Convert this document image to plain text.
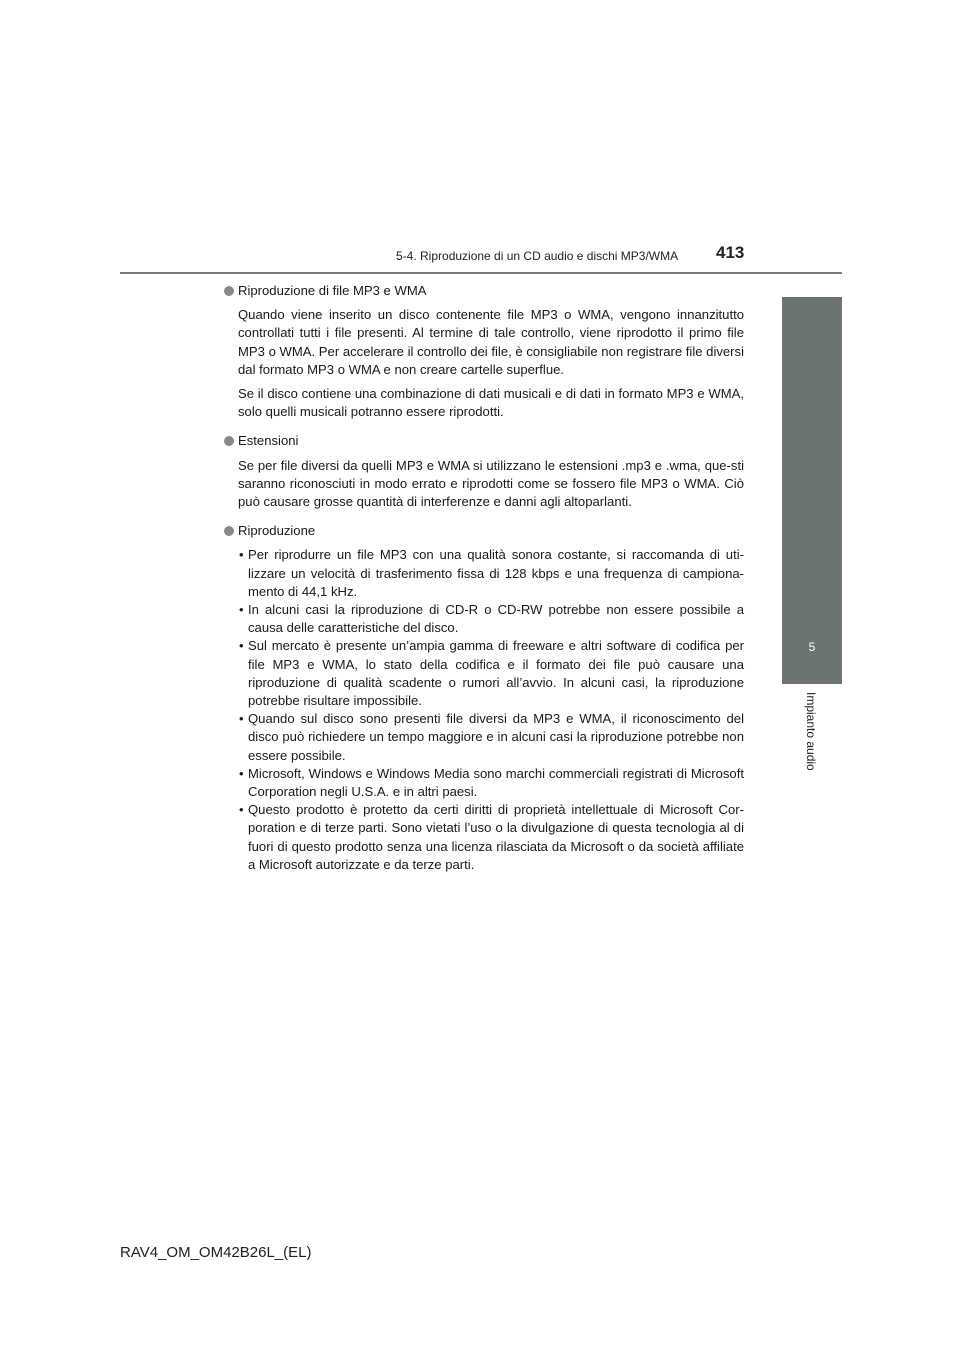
5-4. Riproduzione di un CD audio e dischi MP3/WMA 413
5
Impianto audio
Riproduzione di file MP3 e WMA
Quando viene inserito un disco contenente file MP3 o WMA, vengono innanzitutto controllati tutti i file presenti. Al termine di tale controllo, viene riprodotto il primo file MP3 o WMA. Per accelerare il controllo dei file, è consigliabile non registrare file diversi dal formato MP3 o WMA e non creare cartelle superflue.
Se il disco contiene una combinazione di dati musicali e di dati in formato MP3 e WMA, solo quelli musicali potranno essere riprodotti.
Estensioni
Se per file diversi da quelli MP3 e WMA si utilizzano le estensioni .mp3 e .wma, que-sti saranno riconosciuti in modo errato e riprodotti come se fossero file MP3 o WMA. Ciò può causare grosse quantità di interferenze e danni agli altoparlanti.
Riproduzione
• Per riprodurre un file MP3 con una qualità sonora costante, si raccomanda di uti-lizzare un velocità di trasferimento fissa di 128 kbps e una frequenza di campiona-mento di 44,1 kHz.
• In alcuni casi la riproduzione di CD-R o CD-RW potrebbe non essere possibile a causa delle caratteristiche del disco.
• Sul mercato è presente un’ampia gamma di freeware e altri software di codifica per file MP3 e WMA, lo stato della codifica e il formato dei file può causare una riproduzione di qualità scadente o rumori all’avvio. In alcuni casi, la riproduzione potrebbe risultare impossibile.
• Quando sul disco sono presenti file diversi da MP3 e WMA, il riconoscimento del disco può richiedere un tempo maggiore e in alcuni casi la riproduzione potrebbe non essere possibile.
• Microsoft, Windows e Windows Media sono marchi commerciali registrati di Microsoft Corporation negli U.S.A. e in altri paesi.
• Questo prodotto è protetto da certi diritti di proprietà intellettuale di Microsoft Cor-poration e di terze parti. Sono vietati l’uso o la divulgazione di questa tecnologia al di fuori di questo prodotto senza una licenza rilasciata da Microsoft o da società affiliate a Microsoft autorizzate e da terze parti.
RAV4_OM_OM42B26L_(EL)
